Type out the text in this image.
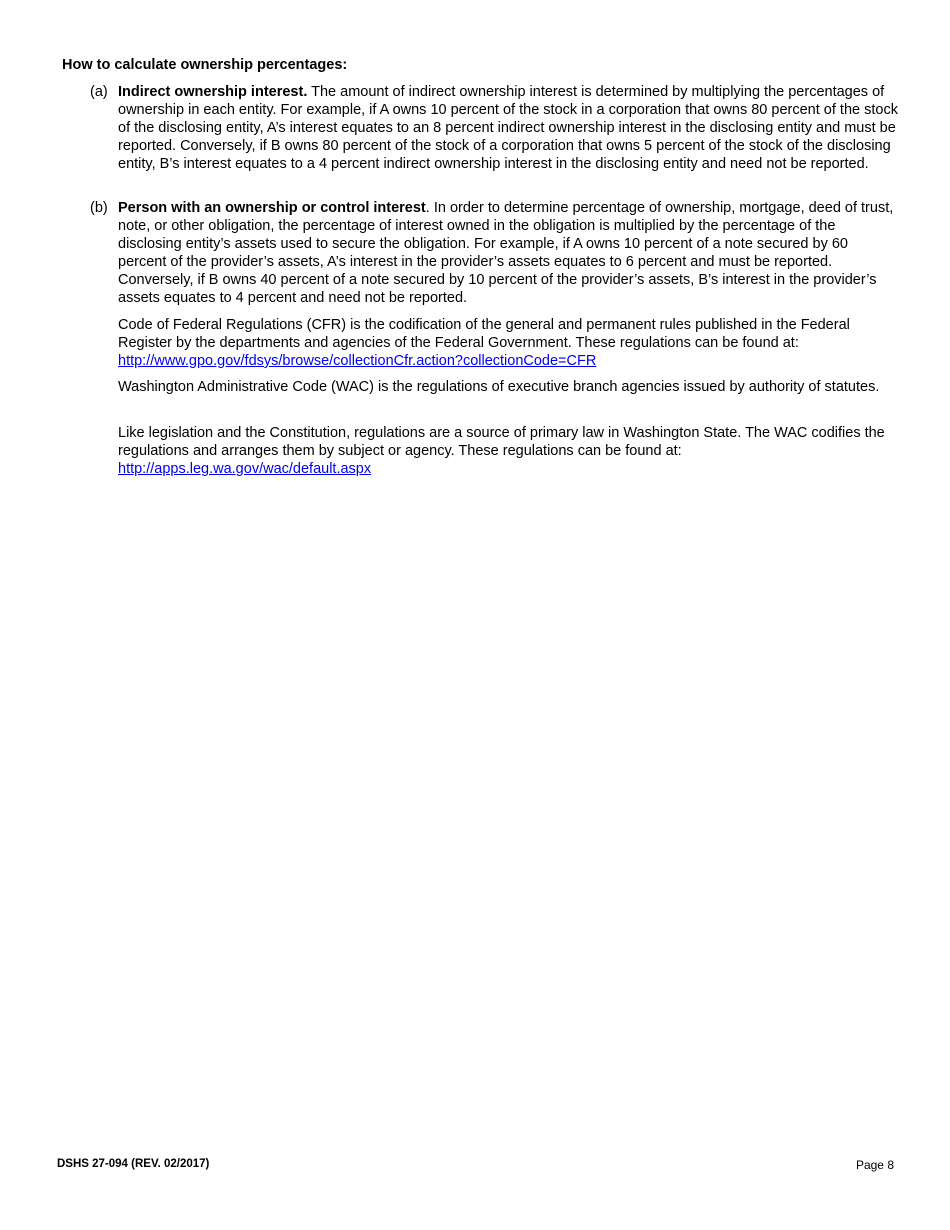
How to calculate ownership percentages:
(a) Indirect ownership interest. The amount of indirect ownership interest is determined by multiplying the percentages of ownership in each entity. For example, if A owns 10 percent of the stock in a corporation that owns 80 percent of the stock of the disclosing entity, A’s interest equates to an 8 percent indirect ownership interest in the disclosing entity and must be reported. Conversely, if B owns 80 percent of the stock of a corporation that owns 5 percent of the stock of the disclosing entity, B’s interest equates to a 4 percent indirect ownership interest in the disclosing entity and need not be reported.
(b) Person with an ownership or control interest. In order to determine percentage of ownership, mortgage, deed of trust, note, or other obligation, the percentage of interest owned in the obligation is multiplied by the percentage of the disclosing entity’s assets used to secure the obligation. For example, if A owns 10 percent of a note secured by 60 percent of the provider’s assets, A’s interest in the provider’s assets equates to 6 percent and must be reported. Conversely, if B owns 40 percent of a note secured by 10 percent of the provider’s assets, B’s interest in the provider’s assets equates to 4 percent and need not be reported.
Code of Federal Regulations (CFR) is the codification of the general and permanent rules published in the Federal Register by the departments and agencies of the Federal Government. These regulations can be found at: http://www.gpo.gov/fdsys/browse/collectionCfr.action?collectionCode=CFR
Washington Administrative Code (WAC) is the regulations of executive branch agencies issued by authority of statutes.
Like legislation and the Constitution, regulations are a source of primary law in Washington State. The WAC codifies the regulations and arranges them by subject or agency. These regulations can be found at:
http://apps.leg.wa.gov/wac/default.aspx
DSHS 27-094 (REV. 02/2017)	Page 8
